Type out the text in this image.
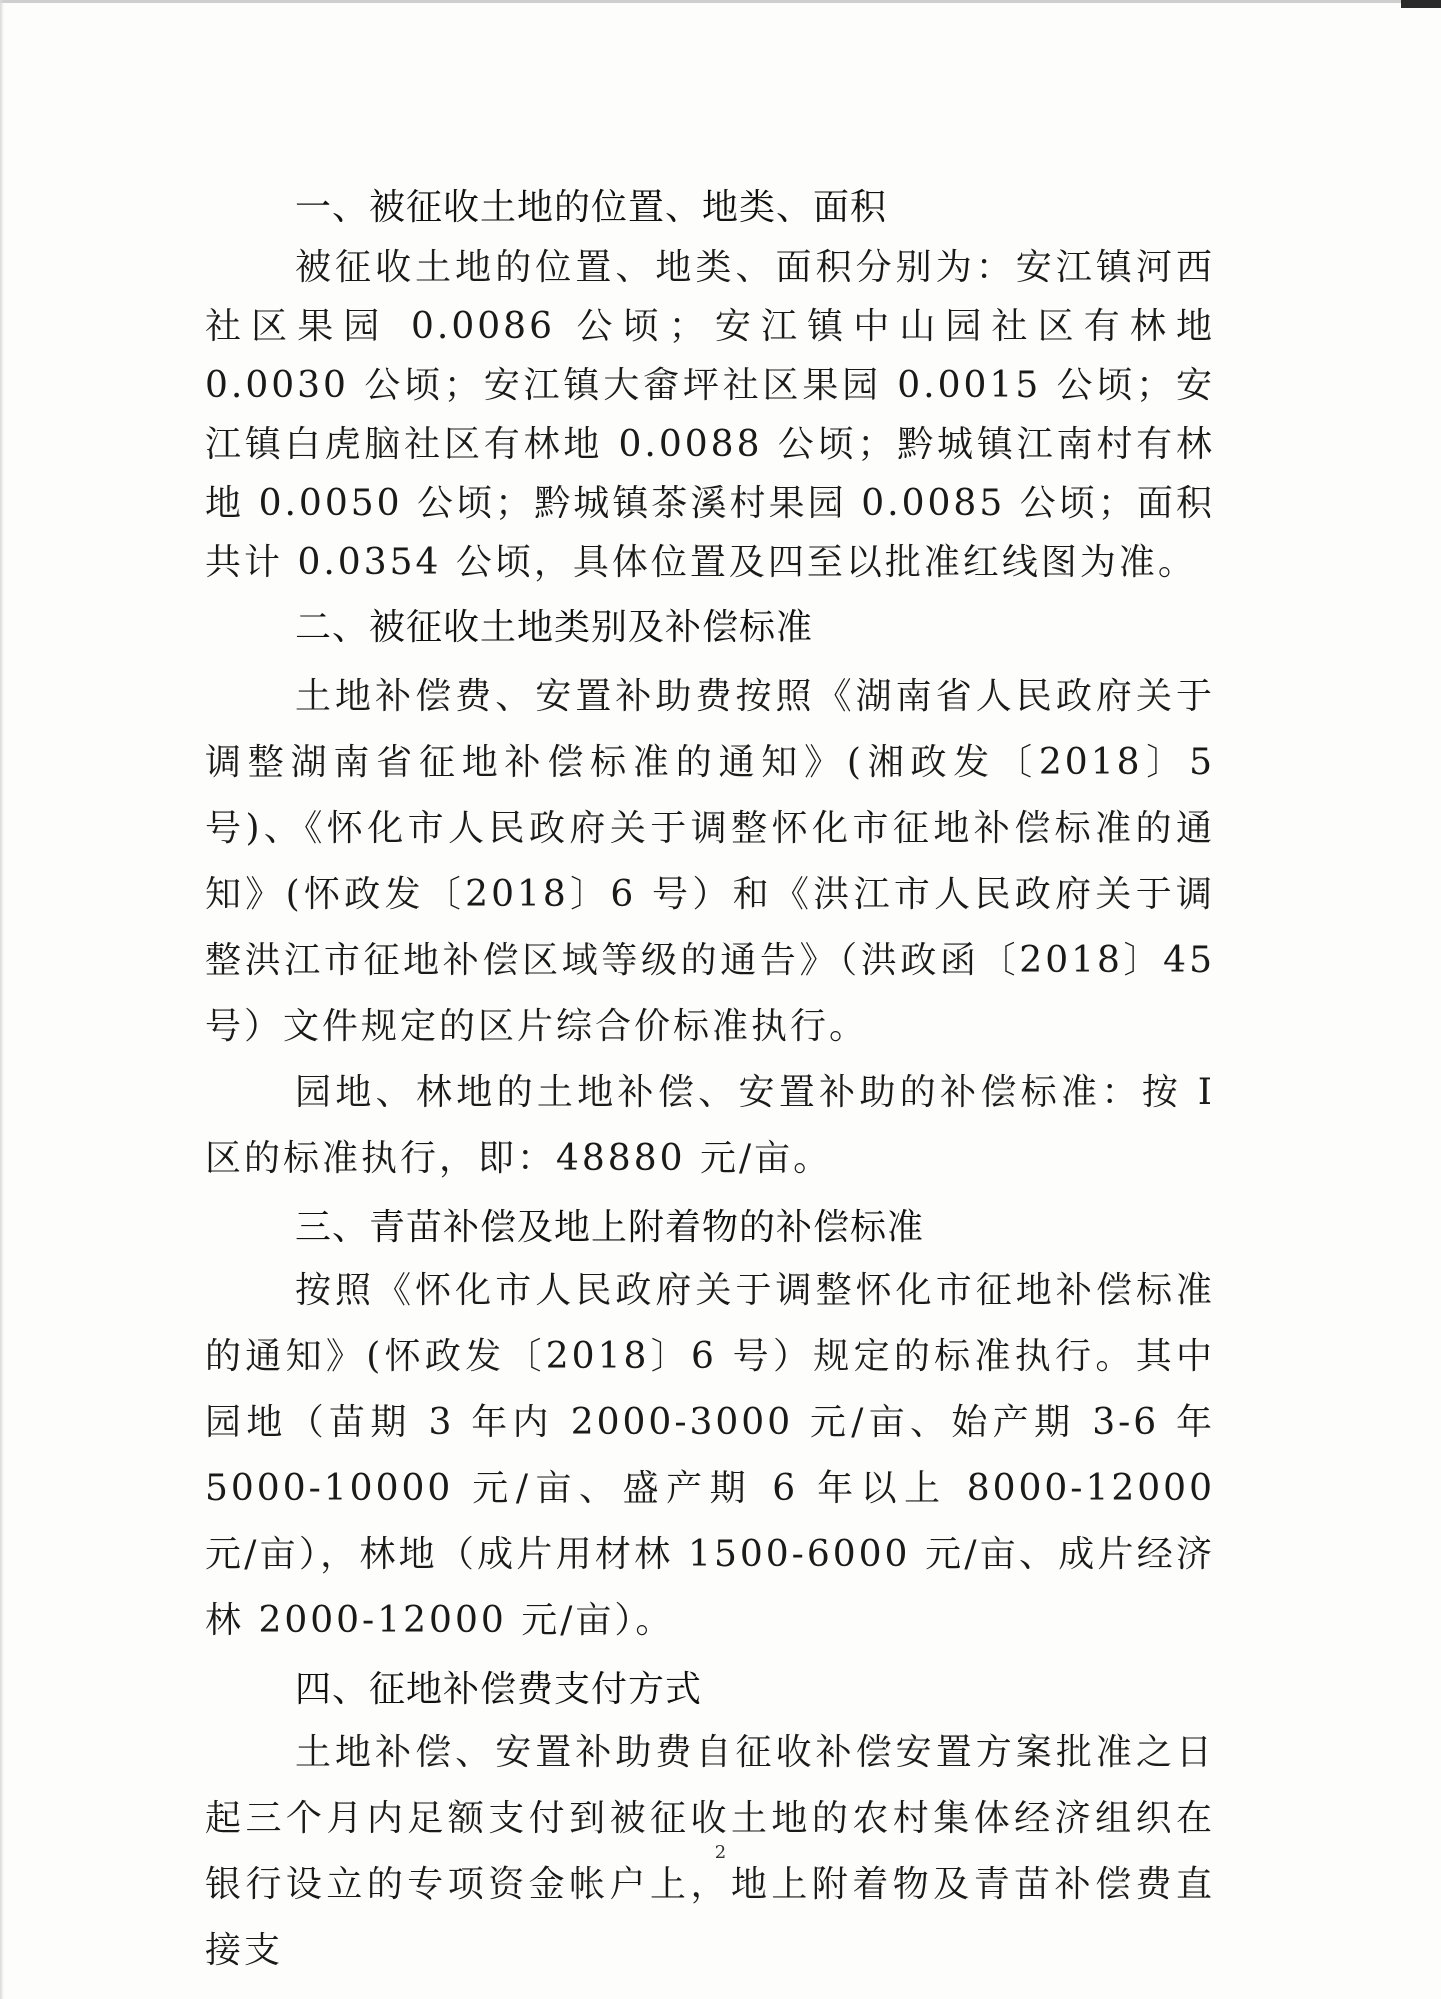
一、被征收土地的位置、地类、面积

被征收土地的位置、地类、面积分别为：安江镇河西社区果园 0.0086 公顷；安江镇中山园社区有林地 0.0030 公顷；安江镇大畲坪社区果园 0.0015 公顷；安江镇白虎脑社区有林地 0.0088 公顷；黔城镇江南村有林地 0.0050 公顷；黔城镇茶溪村果园 0.0085 公顷；面积共计 0.0354 公顷，具体位置及四至以批准红线图为准。

二、被征收土地类别及补偿标准

土地补偿费、安置补助费按照《湖南省人民政府关于调整湖南省征地补偿标准的通知》(湘政发〔2018〕5 号)、《怀化市人民政府关于调整怀化市征地补偿标准的通知》(怀政发〔2018〕6 号）和《洪江市人民政府关于调整洪江市征地补偿区域等级的通告》（洪政函〔2018〕45 号）文件规定的区片综合价标准执行。

园地、林地的土地补偿、安置补助的补偿标准：按 I 区的标准执行，即：48880 元/亩。

三、青苗补偿及地上附着物的补偿标准

按照《怀化市人民政府关于调整怀化市征地补偿标准的通知》(怀政发〔2018〕6 号）规定的标准执行。其中园地（苗期 3 年内 2000-3000 元/亩、始产期 3-6 年 5000-10000 元/亩、盛产期 6 年以上 8000-12000 元/亩），林地（成片用材林 1500-6000 元/亩、成片经济林 2000-12000 元/亩）。

四、征地补偿费支付方式

土地补偿、安置补助费自征收补偿安置方案批准之日起三个月内足额支付到被征收土地的农村集体经济组织在银行设立的专项资金帐户上，地上附着物及青苗补偿费直接支

2
